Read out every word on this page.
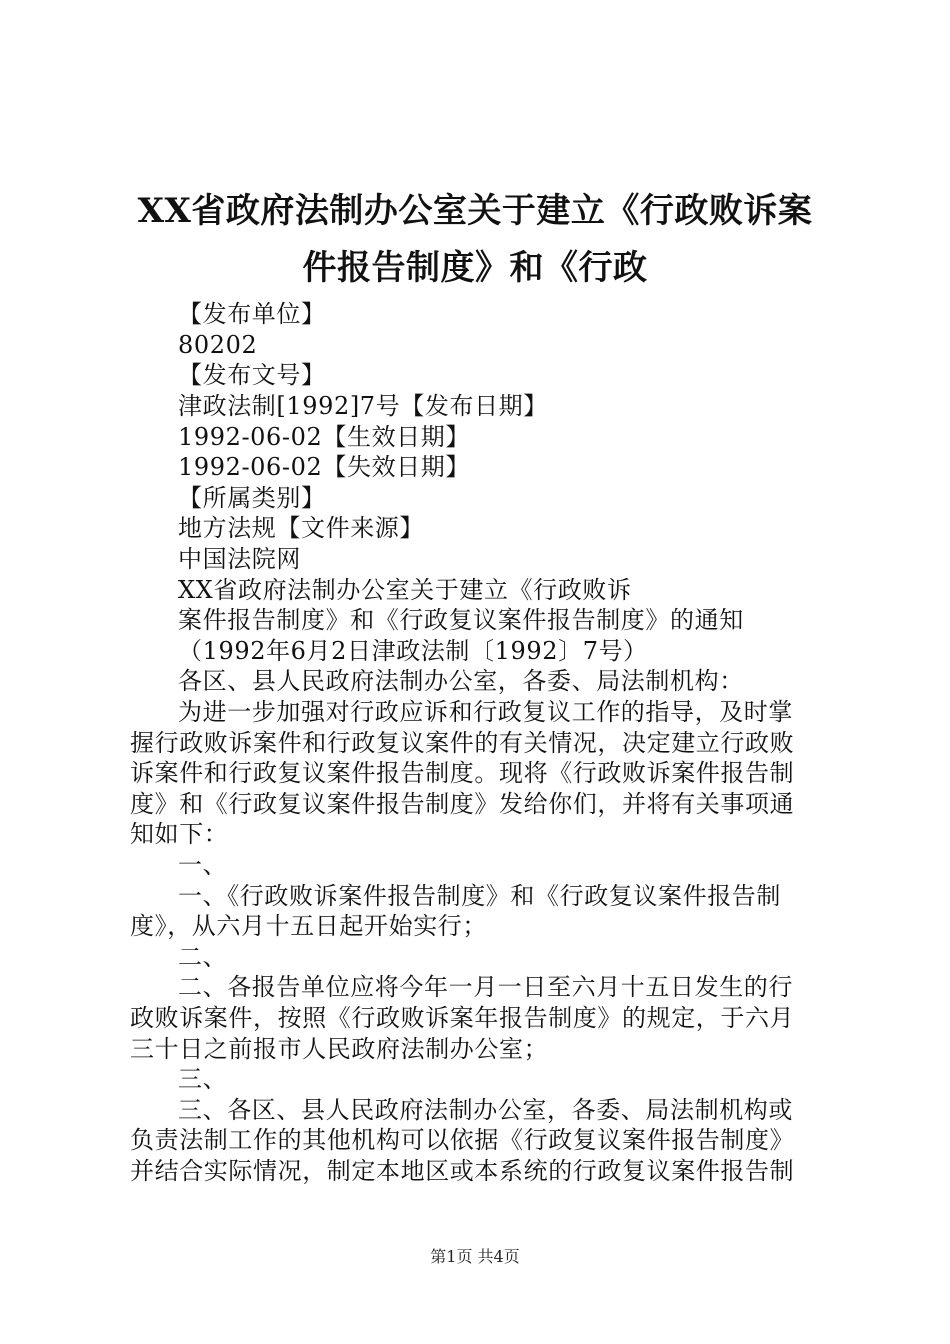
XX省政府法制办公室关于建立《行政败诉案
件报告制度》和《行政
【发布单位】
80202
【发布文号】
津政法制[1992]7号【发布日期】
1992-06-02【生效日期】
1992-06-02【失效日期】
【所属类别】
地方法规【文件来源】
中国法院网
XX省政府法制办公室关于建立《行政败诉
案件报告制度》和《行政复议案件报告制度》的通知
（1992年6月2日津政法制〔1992〕7号）
各区、县人民政府法制办公室，各委、局法制机构：
为进一步加强对行政应诉和行政复议工作的指导，及时掌
握行政败诉案件和行政复议案件的有关情况，决定建立行政败
诉案件和行政复议案件报告制度。现将《行政败诉案件报告制
度》和《行政复议案件报告制度》发给你们，并将有关事项通
知如下：
一、
一、《行政败诉案件报告制度》和《行政复议案件报告制
度》，从六月十五日起开始实行；
二、
二、各报告单位应将今年一月一日至六月十五日发生的行
政败诉案件，按照《行政败诉案年报告制度》的规定，于六月
三十日之前报市人民政府法制办公室；
三、
三、各区、县人民政府法制办公室，各委、局法制机构或
负责法制工作的其他机构可以依据《行政复议案件报告制度》
并结合实际情况，制定本地区或本系统的行政复议案件报告制
第1页 共4页
